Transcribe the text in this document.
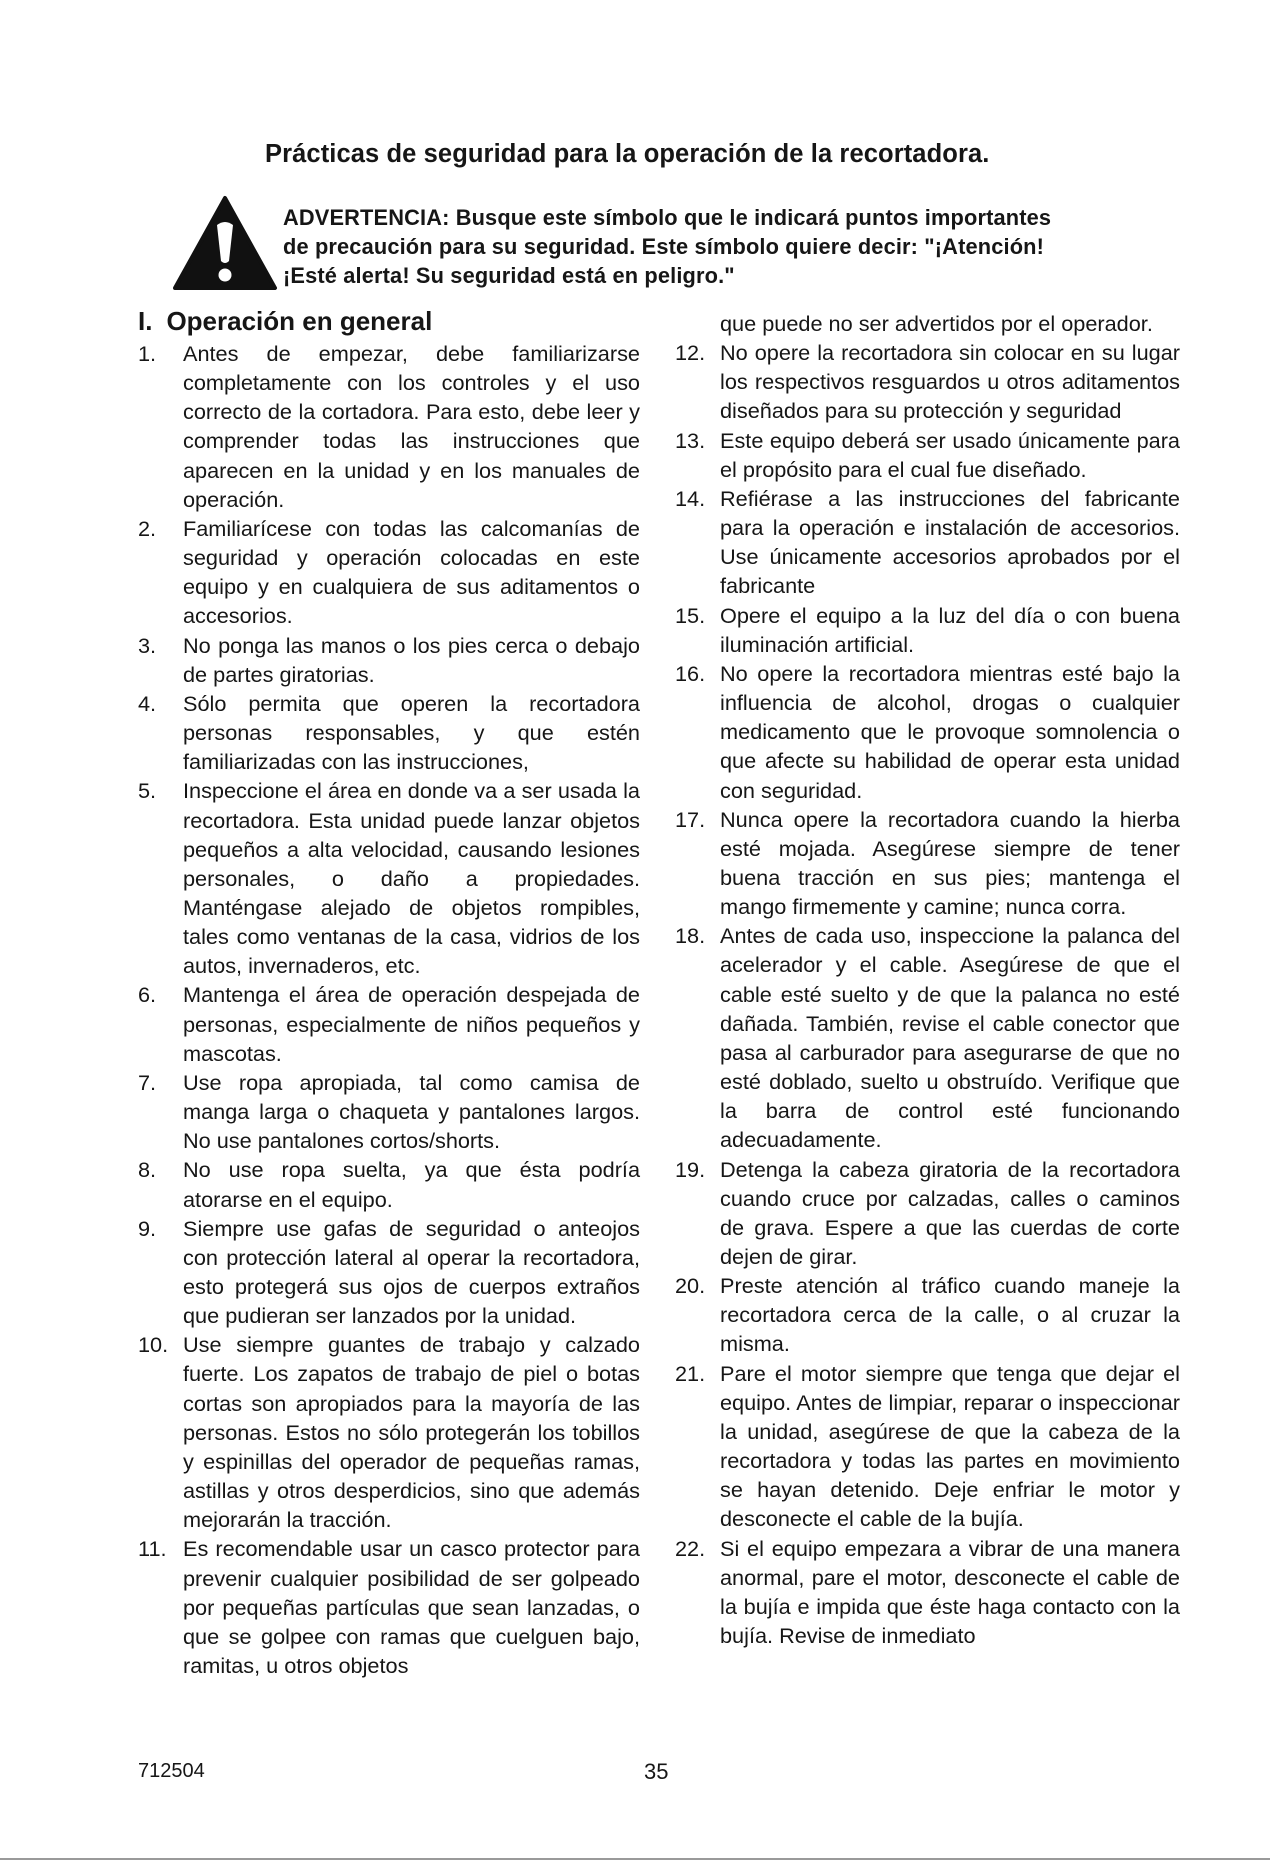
Prácticas de seguridad para la operación de la recortadora.
ADVERTENCIA: Busque este símbolo que le indicará puntos importantes
de precaución para su seguridad. Este símbolo quiere decir: "¡Atención!
¡Esté alerta! Su seguridad está en peligro."
I. Operación en general
1.	Antes de empezar, debe familiarizarse completamente con los controles y el uso correcto de la cortadora. Para esto, debe leer y comprender todas las instrucciones que aparecen en la unidad y en los manuales de operación.
2.	Familiarícese con todas las calcomanías de seguridad y operación colocadas en este equipo y en cualquiera de sus aditamentos o accesorios.
3.	No ponga las manos o los pies cerca o debajo de partes giratorias.
4.	Sólo permita que operen la recortadora personas responsables, y que estén familiarizadas con las instrucciones,
5.	Inspeccione el área en donde va a ser usada la recortadora. Esta unidad puede lanzar objetos pequeños a alta velocidad, causando lesiones personales, o daño a propiedades. Manténgase alejado de objetos rompibles, tales como ventanas de la casa, vidrios de los autos, invernaderos, etc.
6.	Mantenga el área de operación despejada de personas, especialmente de niños pequeños y mascotas.
7.	Use ropa apropiada, tal como camisa de manga larga o chaqueta y pantalones largos. No use pantalones cortos/shorts.
8.	No use ropa suelta, ya que ésta podría atorarse en el equipo.
9.	Siempre use gafas de seguridad o anteojos con protección lateral al operar la recortadora, esto protegerá sus ojos de cuerpos extraños que pudieran ser lanzados por la unidad.
10. Use siempre guantes de trabajo y calzado fuerte. Los zapatos de trabajo de piel o botas cortas son apropiados para la mayoría de las personas. Estos no sólo protegerán los tobillos y espinillas del operador de pequeñas ramas, astillas y otros desperdicios, sino que además mejorarán la tracción.
11. Es recomendable usar un casco protector para prevenir cualquier posibilidad de ser golpeado por pequeñas partículas que sean lanzadas, o que se golpee con ramas que cuelguen bajo, ramitas, u otros objetos
que puede no ser advertidos por el operador.
12. No opere la recortadora sin colocar en su lugar los respectivos resguardos u otros aditamentos diseñados para su protección y seguridad
13. Este equipo deberá ser usado únicamente para el propósito para el cual fue diseñado.
14. Refiérase a las instrucciones del fabricante para la operación e instalación de accesorios. Use únicamente accesorios aprobados por el fabricante
15. Opere el equipo a la luz del día o con buena iluminación artificial.
16. No opere la recortadora mientras esté bajo la influencia de alcohol, drogas o cualquier medicamento que le provoque somnolencia o que afecte su habilidad de operar esta unidad con seguridad.
17. Nunca opere la recortadora cuando la hierba esté mojada. Asegúrese siempre de tener buena tracción en sus pies; mantenga el mango firmemente y camine; nunca corra.
18. Antes de cada uso, inspeccione la palanca del acelerador y el cable. Asegúrese de que el cable esté suelto y de que la palanca no esté dañada. También, revise el cable conector que pasa al carburador para asegurarse de que no esté doblado, suelto u obstruído. Verifique que la barra de control esté funcionando adecuadamente.
19. Detenga la cabeza giratoria de la recortadora cuando cruce por calzadas, calles o caminos de grava. Espere a que las cuerdas de corte dejen de girar.
20. Preste atención al tráfico cuando maneje la recortadora cerca de la calle, o al cruzar la misma.
21. Pare el motor siempre que tenga que dejar el equipo. Antes de limpiar, reparar o inspeccionar la unidad, asegúrese de que la cabeza de la recortadora y todas las partes en movimiento se hayan detenido. Deje enfriar le motor y desconecte el cable de la bujía.
22. Si el equipo empezara a vibrar de una manera anormal, pare el motor, desconecte el cable de la bujía e impida que éste haga contacto con la bujía. Revise de inmediato
712504	35
